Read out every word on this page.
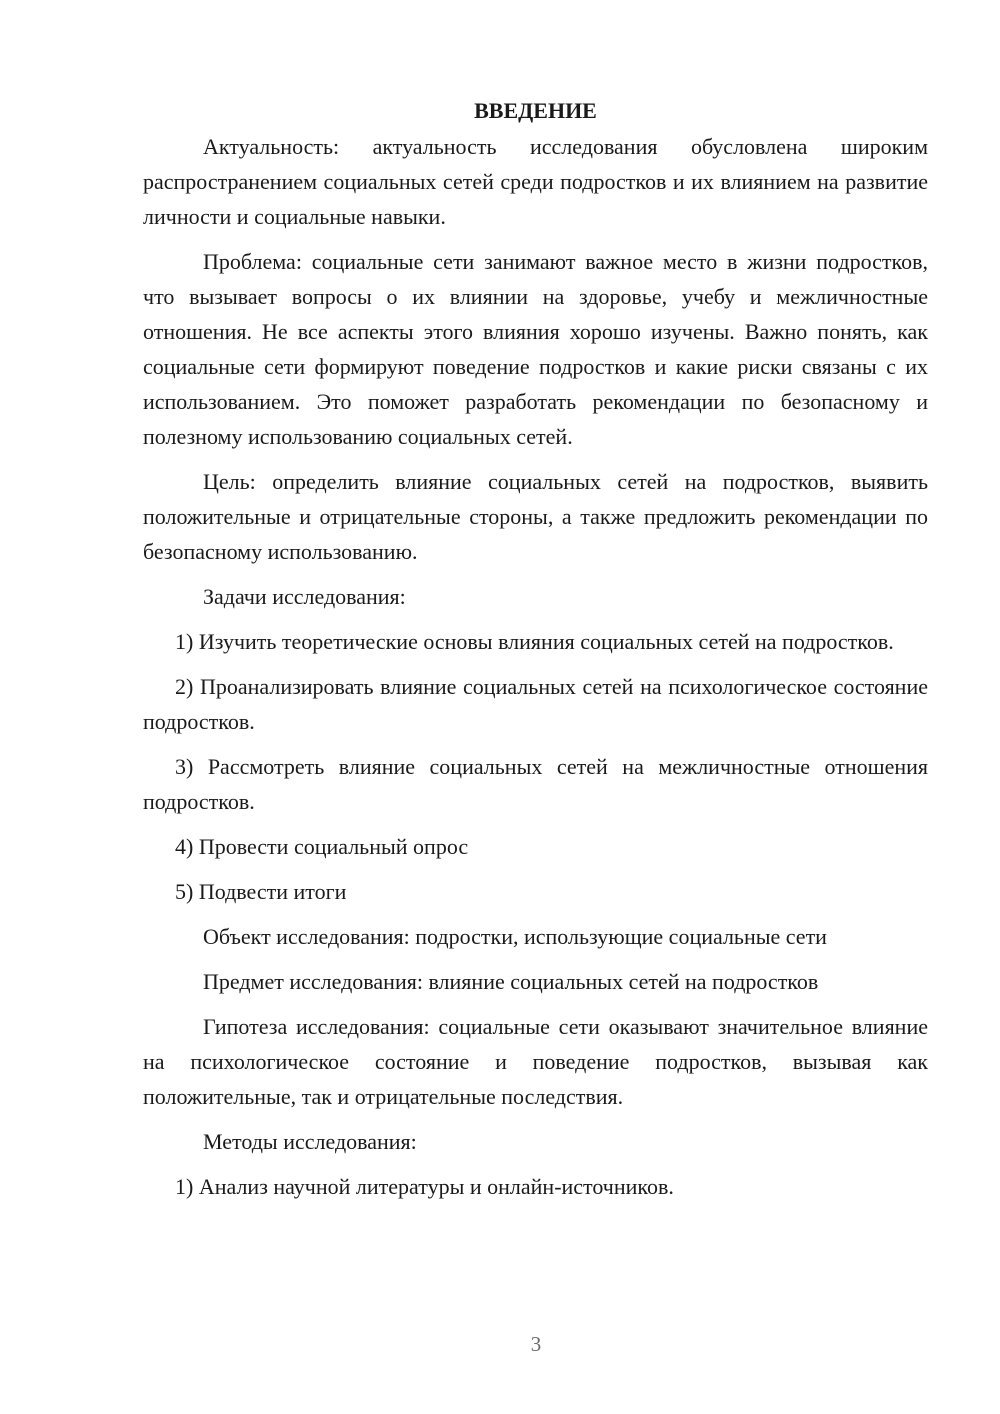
ВВЕДЕНИЕ

Актуальность: актуальность исследования обусловлена широким распространением социальных сетей среди подростков и их влиянием на развитие личности и социальные навыки.

Проблема: социальные сети занимают важное место в жизни подростков, что вызывает вопросы о их влиянии на здоровье, учебу и межличностные отношения. Не все аспекты этого влияния хорошо изучены. Важно понять, как социальные сети формируют поведение подростков и какие риски связаны с их использованием. Это поможет разработать рекомендации по безопасному и полезному использованию социальных сетей.

Цель: определить влияние социальных сетей на подростков, выявить положительные и отрицательные стороны, а также предложить рекомендации по безопасному использованию.

Задачи исследования:

1) Изучить теоретические основы влияния социальных сетей на подростков.

2) Проанализировать влияние социальных сетей на психологическое состояние подростков.

3) Рассмотреть влияние социальных сетей на межличностные отношения подростков.

4) Провести социальный опрос

5) Подвести итоги

Объект исследования: подростки, использующие социальные сети

Предмет исследования: влияние социальных сетей на подростков

Гипотеза исследования: социальные сети оказывают значительное влияние на психологическое состояние и поведение подростков, вызывая как положительные, так и отрицательные последствия.

Методы исследования:

1) Анализ научной литературы и онлайн-источников.

3
